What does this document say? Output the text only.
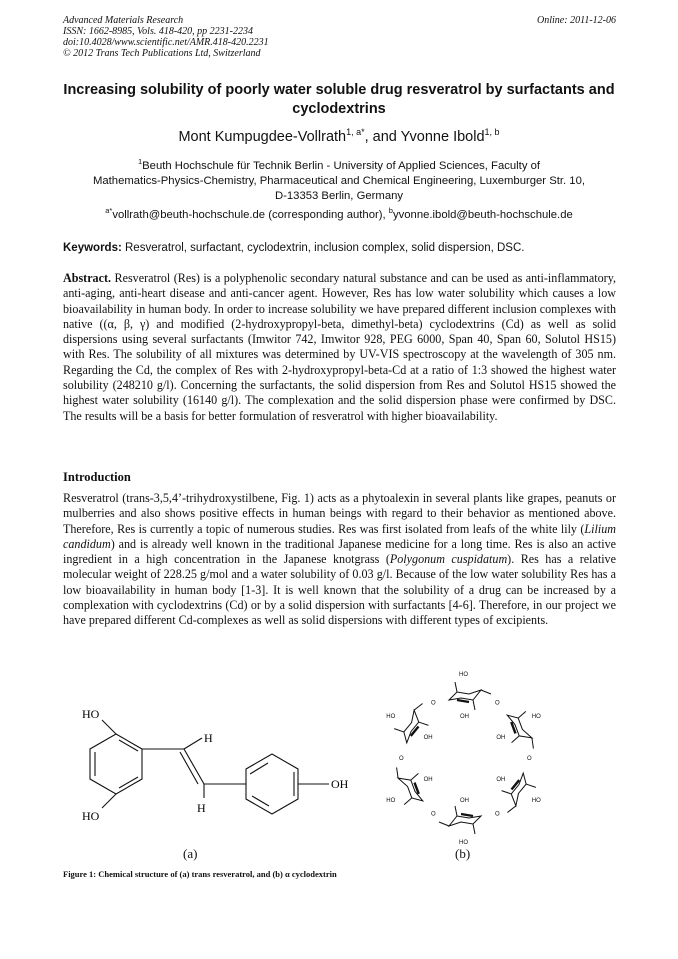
Advanced Materials Research
ISSN: 1662-8985, Vols. 418-420, pp 2231-2234
doi:10.4028/www.scientific.net/AMR.418-420.2231
© 2012 Trans Tech Publications Ltd, Switzerland
Online: 2011-12-06
Increasing solubility of poorly water soluble drug resveratrol by surfactants and cyclodextrins
Mont Kumpugdee-Vollrath$^{1, a*}$, and Yvonne Ibold$^{1, b}$
$^1$Beuth Hochschule für Technik Berlin - University of Applied Sciences, Faculty of
Mathematics-Physics-Chemistry, Pharmaceutical and Chemical Engineering, Luxemburger Str. 10,
D-13353 Berlin, Germany
$^{a*}$vollrath@beuth-hochschule.de (corresponding author), $^b$yvonne.ibold@beuth-hochschule.de
Keywords: Resveratrol, surfactant, cyclodextrin, inclusion complex, solid dispersion, DSC.
Abstract. Resveratrol (Res) is a polyphenolic secondary natural substance and can be used as anti-inflammatory, anti-aging, anti-heart disease and anti-cancer agent. However, Res has low water solubility which causes a low bioavailability in human body. In order to increase solubility we have prepared different inclusion complexes with native ((α, β, γ) and modified (2-hydroxypropyl-beta, dimethyl-beta) cyclodextrins (Cd) as well as solid dispersions using several surfactants (Imwitor 742, Imwitor 928, PEG 6000, Span 40, Span 60, Solutol HS15) with Res. The solubility of all mixtures was determined by UV-VIS spectroscopy at the wavelength of 305 nm. Regarding the Cd, the complex of Res with 2-hydroxypropyl-beta-Cd at a ratio of 1:3 showed the highest water solubility (248210 g/l). Concerning the surfactants, the solid dispersion from Res and Solutol HS15 showed the highest water solubility (16140 g/l). The complexation and the solid dispersion phase were confirmed by DSC. The results will be a basis for better formulation of resveratrol with higher bioavailability.
Introduction
Resveratrol (trans-3,5,4’-trihydroxystilbene, Fig. 1) acts as a phytoalexin in several plants like grapes, peanuts or mulberries and also shows positive effects in human beings with regard to their behavior as mentioned above. Therefore, Res is currently a topic of numerous studies. Res was first isolated from leafs of the white lily (Lilium candidum) and is already well known in the traditional Japanese medicine for a long time. Res is also an active ingredient in a high concentration in the Japanese knotgrass (Polygonum cuspidatum). Res has a relative molecular weight of 228.25 g/mol and a water solubility of 0.03 g/l. Because of the low water solubility Res has a low bioavailability in human body [1-3]. It is well known that the solubility of a drug can be increased by a complexation with cyclodextrins (Cd) or by a solid dispersion with surfactants [4-6]. Therefore, in our project we have prepared different Cd-complexes as well as solid dispersions with different types of excipients.
HO
HO
OH
H
H
(a)
HO
OH
O
HO
OH
O
HO
OH
O
HO
OH
O
HO
OH
O
HO
OH
O
(b)
Figure 1: Chemical structure of (a) trans resveratrol, and (b) α cyclodextrin
